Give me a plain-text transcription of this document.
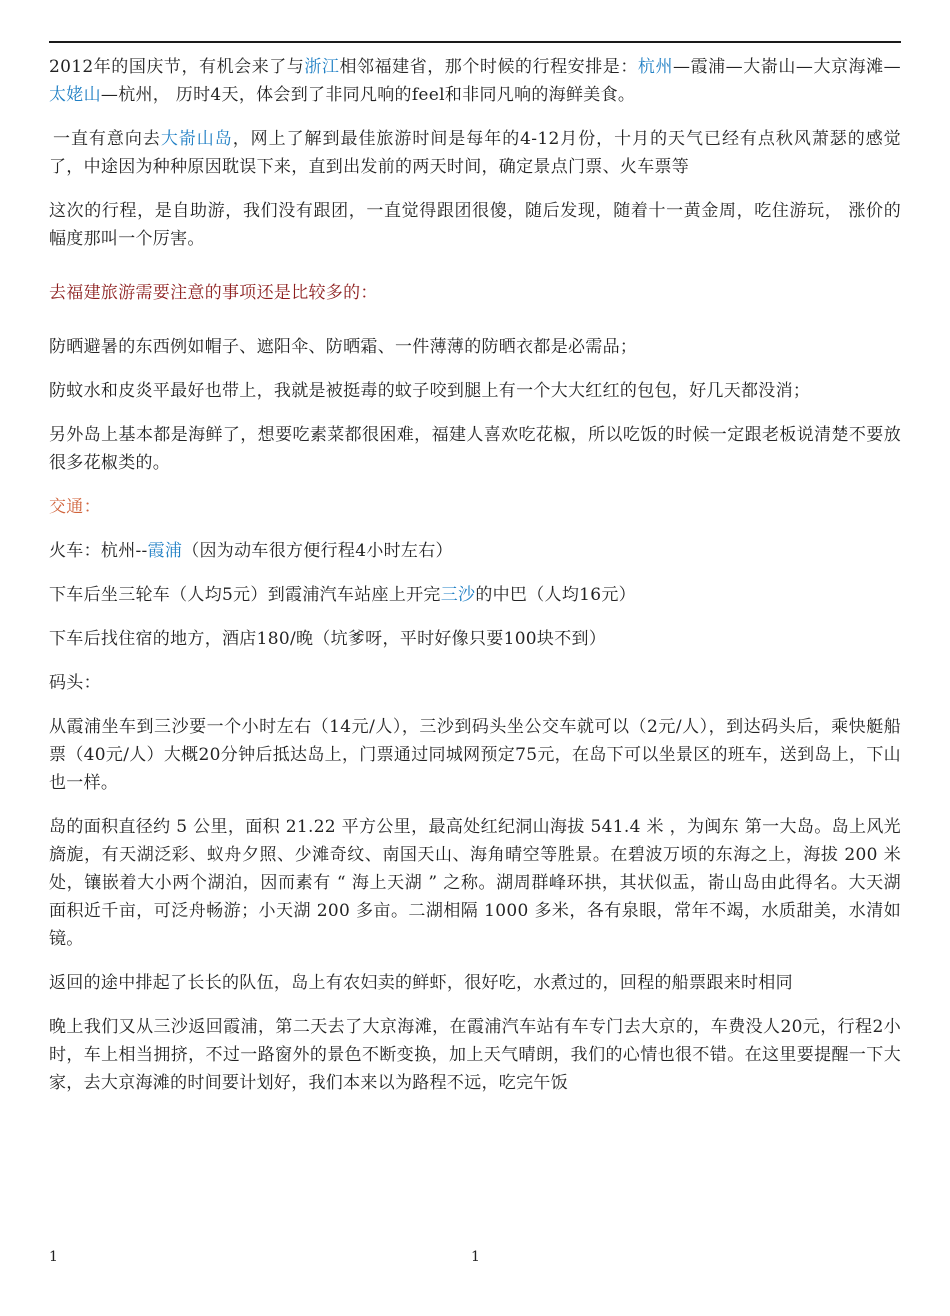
2012年的国庆节，有机会来了与浙江相邻福建省，那个时候的行程安排是：杭州—霞浦—大嵛山—大京海滩—太姥山—杭州， 历时4天，体会到了非同凡响的feel和非同凡响的海鲜美食。

一直有意向去大嵛山岛，网上了解到最佳旅游时间是每年的4-12月份，十月的天气已经有点秋风萧瑟的感觉了，中途因为种种原因耽误下来，直到出发前的两天时间，确定景点门票、火车票等

这次的行程，是自助游，我们没有跟团，一直觉得跟团很傻，随后发现，随着十一黄金周，吃住游玩， 涨价的幅度那叫一个厉害。

去福建旅游需要注意的事项还是比较多的：

防晒避暑的东西例如帽子、遮阳伞、防晒霜、一件薄薄的防晒衣都是必需品；

防蚊水和皮炎平最好也带上，我就是被挺毒的蚊子咬到腿上有一个大大红红的包包，好几天都没消；

另外岛上基本都是海鲜了，想要吃素菜都很困难，福建人喜欢吃花椒，所以吃饭的时候一定跟老板说清楚不要放很多花椒类的。

交通：

火车：杭州--霞浦（因为动车很方便行程4小时左右）

下车后坐三轮车（人均5元）到霞浦汽车站座上开完三沙的中巴（人均16元）

下车后找住宿的地方，酒店180/晚（坑爹呀，平时好像只要100块不到）

码头：

从霞浦坐车到三沙要一个小时左右（14元/人），三沙到码头坐公交车就可以（2元/人），到达码头后，乘快艇船票（40元/人）大概20分钟后抵达岛上，门票通过同城网预定75元，在岛下可以坐景区的班车，送到岛上，下山也一样。

岛的面积直径约 5 公里，面积 21.22 平方公里，最高处红纪洞山海拔 541.4 米 ，为闽东 第一大岛。岛上风光旖旎，有天湖泛彩、蚁舟夕照、少滩奇纹、南国天山、海角晴空等胜景。在碧波万顷的东海之上，海拔 200 米 处，镶嵌着大小两个湖泊，因而素有 “ 海上天湖 ” 之称。湖周群峰环拱，其状似盂，嵛山岛由此得名。大天湖面积近千亩，可泛舟畅游；小天湖 200 多亩。二湖相隔 1000 多米，各有泉眼，常年不竭，水质甜美，水清如镜。

返回的途中排起了长长的队伍，岛上有农妇卖的鲜虾，很好吃，水煮过的，回程的船票跟来时相同

晚上我们又从三沙返回霞浦，第二天去了大京海滩，在霞浦汽车站有车专门去大京的，车费没人20元，行程2小时，车上相当拥挤，不过一路窗外的景色不断变换，加上天气晴朗，我们的心情也很不错。在这里要提醒一下大家，去大京海滩的时间要计划好，我们本来以为路程不远，吃完午饭

1	1
